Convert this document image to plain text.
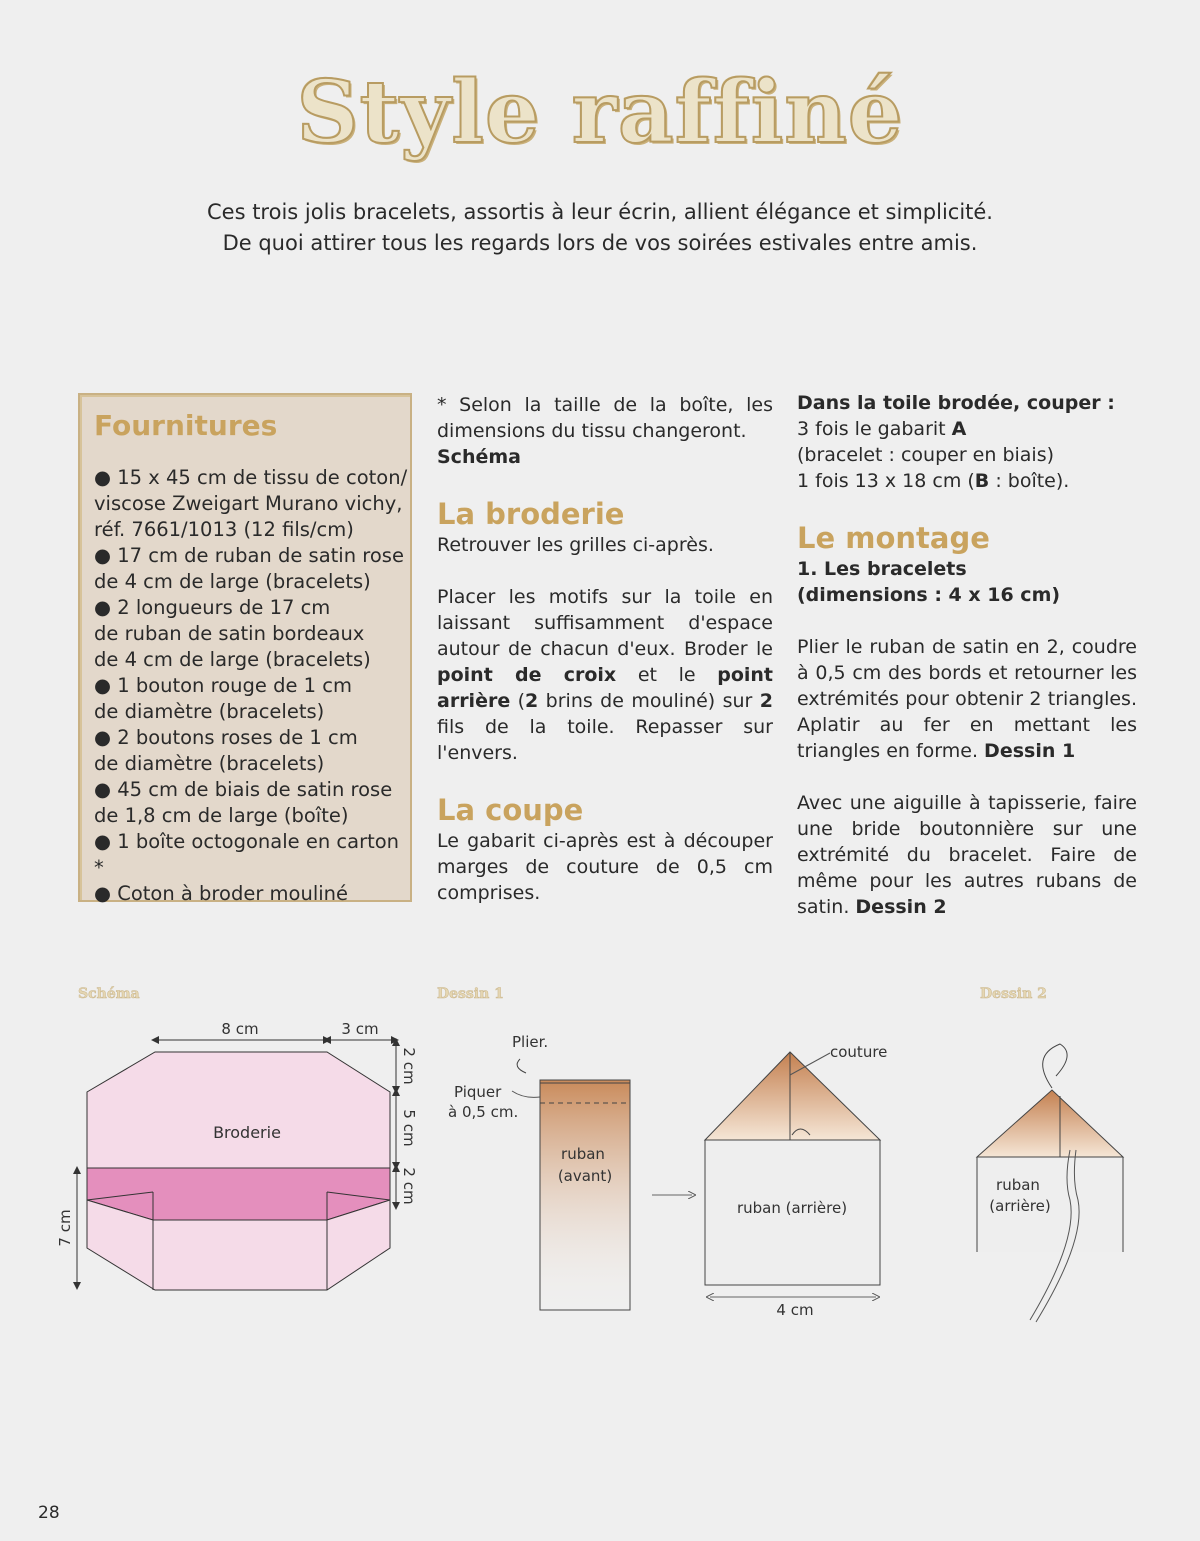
Style raffiné
Ces trois jolis bracelets, assortis à leur écrin, allient élégance et simplicité.
De quoi attirer tous les regards lors de vos soirées estivales entre amis.
Fournitures
● 15 x 45 cm de tissu de coton/
viscose Zweigart Murano vichy,
réf. 7661/1013 (12 fils/cm)
● 17 cm de ruban de satin rose
de 4 cm de large (bracelets)
● 2 longueurs de 17 cm
de ruban de satin bordeaux
de 4 cm de large (bracelets)
● 1 bouton rouge de 1 cm
de diamètre (bracelets)
● 2 boutons roses de 1 cm
de diamètre (bracelets)
● 45 cm de biais de satin rose
de 1,8 cm de large (boîte)
● 1 boîte octogonale en carton *
● Coton à broder mouliné

* Selon la taille de la boîte, les dimensions du tissu changeront.
Schéma

La broderie

Retrouver les grilles ci-après.

Placer les motifs sur la toile en laissant suffisamment d'espace autour de chacun d'eux. Broder le point de croix et le point arrière (2 brins de mouliné) sur 2 fils de la toile. Repasser sur l'envers.

La coupe

Le gabarit ci-après est à découper marges de couture de 0,5 cm comprises.

Dans la toile brodée, couper :
3 fois le gabarit A
(bracelet : couper en biais)
1 fois 13 x 18 cm (B : boîte).

Le montage

1. Les bracelets
(dimensions : 4 x 16 cm)

Plier le ruban de satin en 2, coudre à 0,5 cm des bords et retourner les extrémités pour obtenir 2 triangles. Aplatir au fer en mettant les triangles en forme. Dessin 1

Avec une aiguille à tapisserie, faire une bride boutonnière sur une extrémité du bracelet. Faire de même pour les autres rubans de satin. Dessin 2

Schéma	Dessin 1	Dessin 2
8 cm	3 cm
2 cm
5 cm
2 cm
7 cm
Broderie
Plier.
Piquer
à 0,5 cm.
ruban
(avant)
couture
ruban (arrière)
4 cm
ruban
(arrière)
28
